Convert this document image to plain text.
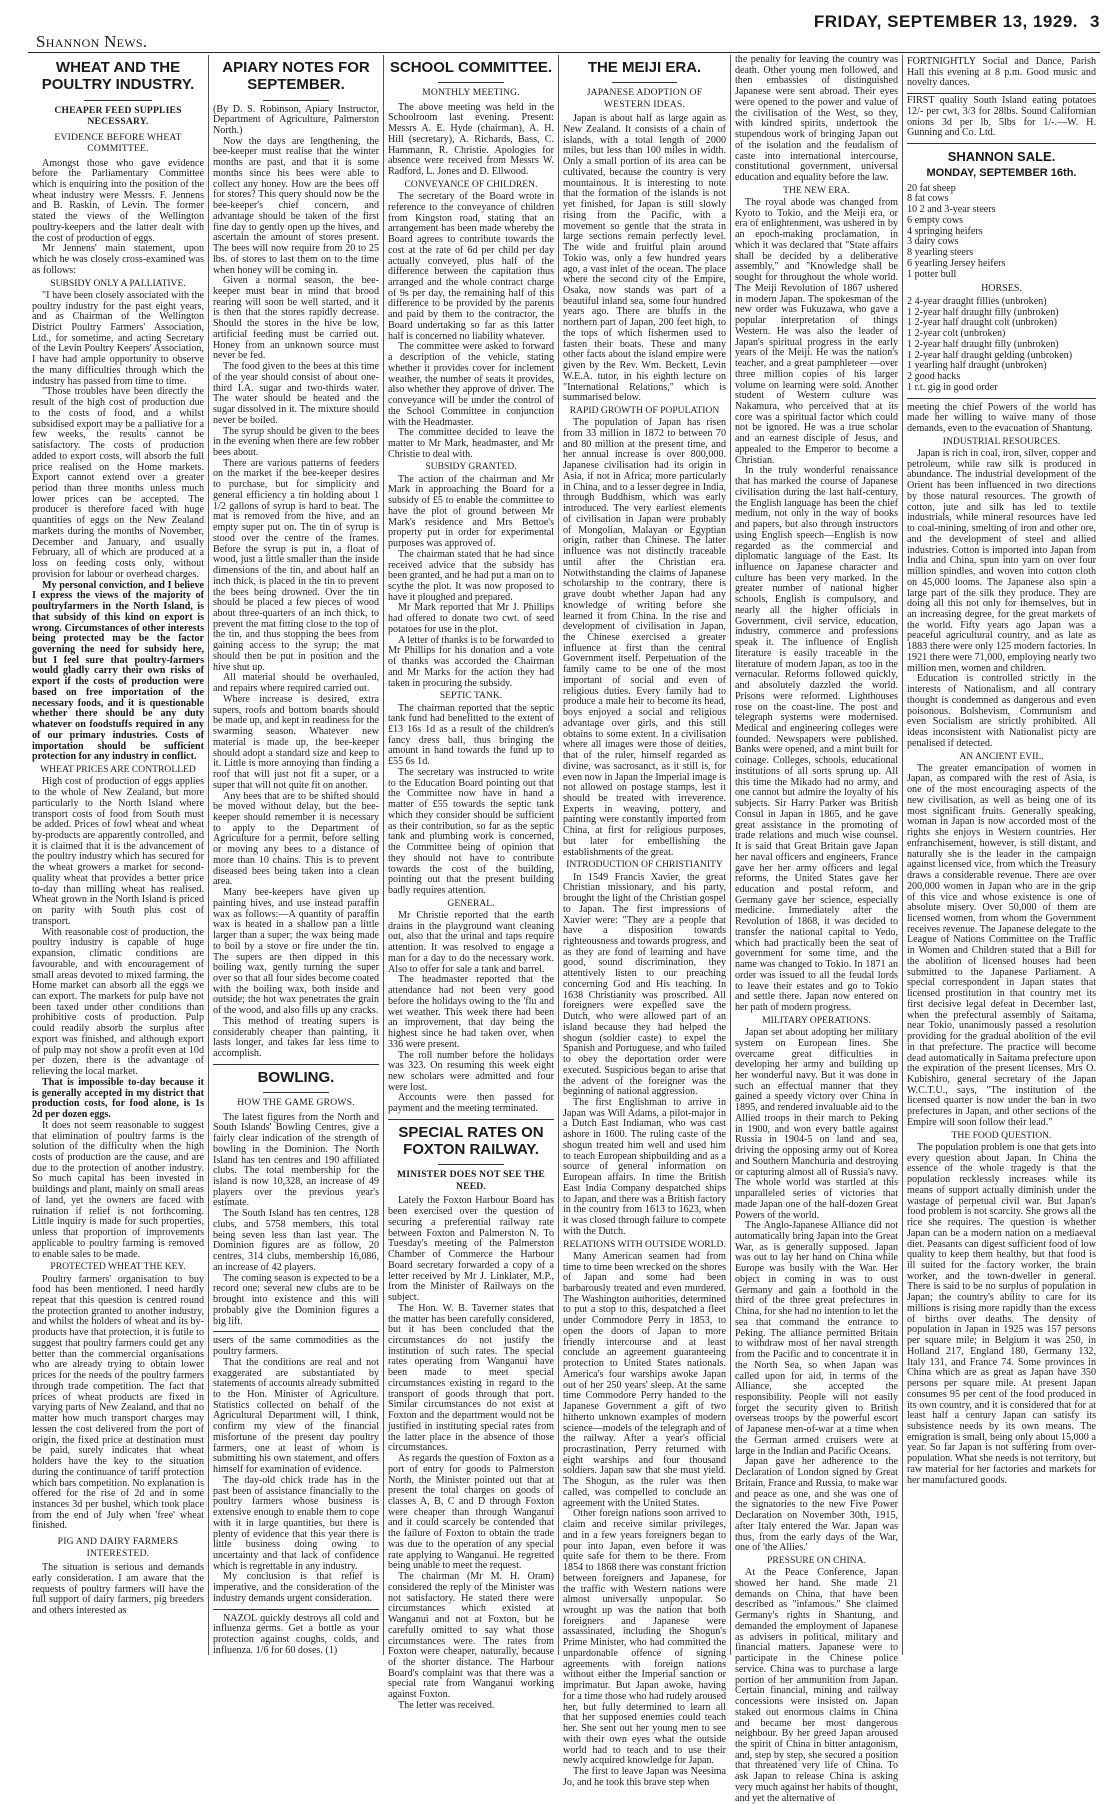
Shannon News.
FRIDAY, SEPTEMBER 13, 1929. 3
WHEAT AND THE POULTRY INDUSTRY.
CHEAPER FEED SUPPLIES NECESSARY.
EVIDENCE BEFORE WHEAT COMMITTEE.

Amongst those who gave evidence before the Parliamentary Committee which is enquiring into the position of the wheat industry were Messrs. F. Jennens and B. Raskin, of Levin. The former stated the views of the Wellington poultry-keepers and the latter dealt with the cost of production of eggs.

Mr Jennens' main statement, upon which he was closely cross-examined was as follows:

SUBSIDY ONLY A PALLIATIVE.

"I have been closely associated with the poultry industry for the past eight years, and as Chairman of the Wellington District Poultry Farmers' Association, Ltd., for sometime, and acting Secretary of the Levin Poultry Keepers' Association, I have had ample opportunity to observe the many difficulties through which the industry has passed from time to time.

"Those troubles have been directly the result of the high cost of production due to the costs of food, and a whilst subsidised export may be a palliative for a few weeks, the results cannot be satisfactory. The costs of production added to export costs, will absorb the full price realised on the Home markets. Export cannot extend over a greater period than three months unless much lower prices can be accepted. The producer is therefore faced with huge quantities of eggs on the New Zealand markets during the months of November, December and January, and usually February, all of which are produced at a loss on feeding costs only, without provision for labour or overhead charges.

My personal conviction, and I believe I express the views of the majority of poultryfarmers in the North Island, is that subsidy of this kind on export is wrong. Circumstances of other interests being protected may be the factor governing the need for subsidy here, but I feel sure that poultry-farmers would gladly carry their own risks of export if the costs of production were based on free importation of the necessary foods, and it is questionable whether there should be any duty whatever on foodstuffs required in any of our primary industries. Costs of importation should be sufficient protection for any industry in conflict.

WHEAT PRICES ARE CONTROLLED

High cost of production of eggs applies to the whole of New Zealand, but more particularly to the North Island where transport costs of food from South must be added. Prices of fowl wheat and wheat by-products are apparently controlled, and it is claimed that it is the advancement of the poultry industry which has secured for the wheat growers a market for second-quality wheat that provides a better price to-day than milling wheat has realised. Wheat grown in the North Island is priced on parity with South plus cost of transport.

With reasonable cost of production, the poultry industry is capable of huge expansion, climatic conditions are favourable, and with encouragement of small areas devoted to mixed farming, the Home market can absorb all the eggs we can export. The markets for pulp have not been taxed under other conditions than prohibitive costs of production. Pulp could readily absorb the surplus after export was finished, and although export of pulp may not show a profit even at 10d per dozen, there is the advantage of relieving the local market.

That is impossible to-day because it is generally accepted in my district that production costs, for food alone, is 1s 2d per dozen eggs.

It does not seem reasonable to suggest that elimination of poultry farms is the solution of the difficulty when the high costs of production are the cause, and are due to the protection of another industry. So much capital has been invested in buildings and plant, mainly on small areas of land, yet the owners are faced with ruination if relief is not forthcoming. Little inquiry is made for such properties, unless that proportion of improvements applicable to poultry farming is removed to enable sales to be made.

PROTECTED WHEAT THE KEY.

Poultry farmers' organisation to buy food has been mentioned. I need hardly repeat that this question is centred round the protection granted to another industry, and whilst the holders of wheat and its by-products have that protection, it is futile to suggest that poultry farmers could get any better than the commercial organisations who are already trying to obtain lower prices for the needs of the poultry farmers through trade competition. The fact that prices of wheat products are fixed in varying parts of New Zealand, and that no matter how much transport charges may lessen the cost delivered from the port of origin, the fixed price at destination must be paid, surely indicates that wheat holders have the key to the situation during the continuance of tariff protection which bars competition. No explanation is offered for the rise of 2d and in some instances 3d per bushel, which took place from the end of July when 'free' wheat finished.

PIG AND DAIRY FARMERS INTERESTED.

The situation is serious and demands early consideration. I am aware that the requests of poultry farmers will have the full support of dairy farmers, pig breeders and others interested as

APIARY NOTES FOR SEPTEMBER.

(By D. S. Robinson, Apiary Instructor, Department of Agriculture, Palmerston North.)

Now the days are lengthening, the bee-keeper must realise that the winter months are past, and that it is some months since his bees were able to collect any honey. How are the bees off for stores? This query should now be the bee-keeper's chief concern, and advantage should be taken of the first fine day to gently open up the hives, and ascertain the amount of stores present. The bees will now require from 20 to 25 lbs. of stores to last them on to the time when honey will be coming in.

Given a normal season, the bee-keeper must bear in mind that brood rearing will soon be well started, and it is then that the stores rapidly decrease. Should the stores in the hive be low, artificial feeding must be carried out. Honey from an unknown source must never be fed.

The food given to the bees at this time of the year should consist of about one-third I.A. sugar and two-thirds water. The water should be heated and the sugar dissolved in it. The mixture should never be boiled.

The syrup should be given to the bees in the evening when there are few robber bees about.

There are various patterns of feeders on the market if the bee-keeper desires to purchase, but for simplicity and general efficiency a tin holding about 1 1/2 gallons of syrup is hard to beat. The mat is removed from the hive, and an empty super put on. The tin of syrup is stood over the centre of the frames. Before the syrup is put in, a float of wood, just a little smaller than the inside dimensions of the tin, and about half an inch thick, is placed in the tin to prevent the bees being drowned. Over the tin should be placed a few pieces of wood about three-quarters of an inch thick, to prevent the mat fitting close to the top of the tin, and thus stopping the bees from gaining access to the syrup; the mat should then be put in position and the hive shut up.

All material should be overhauled, and repairs where required carried out.

Where increase is desired, extra supers, roofs and bottom boards should be made up, and kept in readiness for the swarming season. Whatever new material is made up, the bee-keeper should adopt a standard size and keep to it. Little is more annoying than finding a roof that will just not fit a super, or a super that will not quite fit on another.

Any bees that are to be shifted should be moved without delay, but the bee-keeper should remember it is necessary to apply to the Department of Agriculture for a permit, before selling or moving any bees to a distance of more than 10 chains. This is to prevent diseased bees being taken into a clean area.

Many bee-keepers have given up painting hives, and use instead paraffin wax as follows:—A quantity of paraffin wax is heated in a shallow pan a little larger than a super; the wax being made to boil by a stove or fire under the tin. The supers are then dipped in this boiling wax, gently turning the super over so that all four sides become coated with the boiling wax, both inside and outside; the hot wax penetrates the grain of the wood, and also fills up any cracks.

This method of treating supers is considerably cheaper than painting, it lasts longer, and takes far less time to accomplish.

BOWLING.
HOW THE GAME GROWS.

The latest figures from the North and South Islands' Bowling Centres, give a fairly clear indication of the strength of bowling in the Dominion. The North Island has ten centres and 190 affiliated clubs. The total membership for the island is now 10,328, an increase of 49 players over the previous year's estimate.

The South Island has ten centres, 128 clubs, and 5758 members, this total being seven less than last year. The Dominion figures are as follow, 20 centres, 314 clubs, membership 16,086, an increase of 42 players.

The coming season is expected to be a record one; several new clubs are to be brought into existence and this will probably give the Dominion figures a big lift.

users of the same commodities as the poultry farmers.

That the conditions are real and not exaggerated are substantiated by statements of accounts already submitted to the Hon. Minister of Agriculture. Statistics collected on behalf of the Agricultural Department will, I think, confirm my view of the financial misfortune of the present day poultry farmers, one at least of whom is submitting his own statement, and offers himself for examination of evidence.

The day-old chick trade has in the past been of assistance financially to the poultry farmers whose business is extensive enough to enable them to cope with it in large quantities, but there is plenty of evidence that this year there is little business doing owing to uncertainty and that lack of confidence which is regrettable in any industry.

My conclusion is that relief is imperative, and the consideration of the industry demands urgent consideration.

NAZOL quickly destroys all cold and influenza germs. Get a bottle as your protection against coughs, colds, and influenza. 1/6 for 60 doses. (1)

SCHOOL COMMITTEE.
MONTHLY MEETING.

The above meeting was held in the Schoolroom last evening. Present: Messrs A. E. Hyde (chairman), A. H. Hill (secretary), A. Richards, Bass, C. Hammann, R. Christie. Apologies for absence were received from Messrs W. Radford, L. Jones and D. Ellwood.

CONVEYANCE OF CHILDREN.

The secretary of the Board wrote in reference to the conveyance of children from Kingston road, stating that an arrangement has been made whereby the Board agrees to contribute towards the cost at the rate of 6d per child per day actually conveyed, plus half of the difference between the capitation thus arranged and the whole contract charge of 9s per day, the remaining half of this difference to be provided by the parents and paid by them to the contractor, the Board undertaking so far as this latter half is concerned no liability whatever.

The committee were asked to forward a description of the vehicle, stating whether it provides cover for inclement weather, the number of seats it provides, also whether they approve of driver. The conveyance will be under the control of the School Committee in conjunction with the Headmaster.

The committee decided to leave the matter to Mr Mark, headmaster, and Mr Christie to deal with.

SUBSIDY GRANTED.

The action of the chairman and Mr Mark in approaching the Board for a subsidy of £5 to enable the committee to have the plot of ground between Mr Mark's residence and Mrs Bettoe's property put in order for experimental purposes was approved of.

The chairman stated that he had since received advice that the subsidy has been granted, and he had put a man on to scythe the plot. It was now proposed to have it ploughed and prepared.

Mr Mark reported that Mr J. Phillips had offered to donate two cwt. of seed potatoes for use in the plot.

A letter of thanks is to be forwarded to Mr Phillips for his donation and a vote of thanks was accorded the Chairman and Mr Marks for the action they had taken in procuring the subsidy.

SEPTIC TANK.

The chairman reported that the septic tank fund had benefitted to the extent of £13 16s 1d as a result of the children's fancy dress ball, thus bringing the amount in hand towards the fund up to £55 6s 1d.

The secretary was instructed to write to the Education Board pointing out that the Committee now have in hand a matter of £55 towards the septic tank which they consider should be sufficient as their contribution, so far as the septic tank and plumbing work is concerned, the Committee being of opinion that they should not have to contribute towards the cost of the building, pointing out that the present building badly requires attention.

GENERAL.

Mr Christie reported that the earth drains in the playground want cleaning out, also that the urinal and taps require attention. It was resolved to engage a man for a day to do the necessary work. Also to offer for sale a tank and barrel.

The headmaster reported that the attendance had not been very good before the holidays owing to the 'flu and wet weather. This week there had been an improvement, that day being the highest since he had taken over, when 336 were present.

The roll number before the holidays was 323. On resuming this week eight new scholars were admitted and four were lost.

Accounts were then passed for payment and the meeting terminated.

SPECIAL RATES ON FOXTON RAILWAY.
MINISTER DOES NOT SEE THE NEED.

Lately the Foxton Harbour Board has been exercised over the question of securing a preferential railway rate between Foxton and Palmerston N. To Tuesday's meeting of the Palmerston Chamber of Commerce the Harbour Board secretary forwarded a copy of a letter received by Mr J. Linklater, M.P., from the Minister of Railways on the subject.

The Hon. W. B. Taverner states that the matter has been carefully considered, but it has been concluded that the circumstances do not justify the institution of such rates. The special rates operating from Wanganui have been made to meet special circumstances existing in regard to the transport of goods through that port. Similar circumstances do not exist at Foxton and the department would not be justified in instituting special rates from the latter place in the absence of those circumstances.

As regards the question of Foxton as a port of entry for goods to Palmerston North, the Minister pointed out that at present the total charges on goods of classes A, B, C and D through Foxton were cheaper than through Wanganui and it could scarcely be contended that the failure of Foxton to obtain the trade was due to the operation of any special rate applying to Wanganui. He regretted being unable to meet the request.

The chairman (Mr M. H. Oram) considered the reply of the Minister was not satisfactory. He stated there were circumstances which existed at Wanganui and not at Foxton, but he carefully omitted to say what those circumstances were. The rates from Foxton were cheaper, naturally, because of the shorter distance. The Harbour Board's complaint was that there was a special rate from Wanganui working against Foxton.

The letter was received.

THE MEIJI ERA.
JAPANESE ADOPTION OF WESTERN IDEAS.

Japan is about half as large again as New Zealand. It consists of a chain of islands, with a total length of 2000 miles, but less than 100 miles in width. Only a small portion of its area can be cultivated, because the country is very mountainous. It is interesting to note that the formation of the islands is not yet finished, for Japan is still slowly rising from the Pacific, with a movement so gentle that the strata in large sections remain perfectly level. The wide and fruitful plain around Tokio was, only a few hundred years ago, a vast inlet of the ocean. The place where the second city of the Empire, Osaka, now stands was part of a beautiful inland sea, some four hundred years ago. There are bluffs in the northern part of Japan, 200 feet high, to the tops of which fishermen used to fasten their boats. These and many other facts about the island empire were given by the Rev. Wm. Beckett, Levin W.E.A. tutor, in his eighth lecture on "International Relations," which is summarised below.

RAPID GROWTH OF POPULATION

The population of Japan has risen from 33 million in 1872 to between 70 and 80 million at the present time, and her annual increase is over 800,000. Japanese civilisation had its origin in Asia, if not in Africa; more particularly in China, and to a lesser degree in India, through Buddhism, which was early introduced. The very earliest elements of civilisation in Japan were probably of Mongolian, Malayan or Egyptian origin, rather than Chinese. The latter influence was not distinctly traceable until after the Christian era. Notwithstanding the claims of Japanese scholarship to the contrary, there is grave doubt whether Japan had any knowledge of writing before she learned it from China. In the rise and development of civilisation in Japan, the Chinese exercised a greater influence at first than the central Government itself. Perpetuation of the family came to be one of the most important of social and even of religious duties. Every family had to produce a male heir to become its head, boys enjoyed a social and religious advantage over girls, and this still obtains to some extent. In a civilisation where all images were those of deities, that of the ruler, himself regarded as divine, was sacrosanct, as it still is, for even now in Japan the Imperial image is not allowed on postage stamps, lest it should be treated with irreverence. Experts in weaving, pottery, and painting were constantly imported from China, at first for religious purposes, but later for embellishing the establishments of the great.

INTRODUCTION OF CHRISTIANITY

In 1549 Francis Xavier, the great Christian missionary, and his party, brought the light of the Christian gospel to Japan. The first impressions of Xavier were: "They are a people that have a disposition towards righteousness and towards progress, and as they are fond of learning and have good, sound discrimination, they attentively listen to our preaching concerning God and His teaching. In 1638 Christianity was proscribed. All foreigners were expelled save the Dutch, who were allowed part of an island because they had helped the shogun (soldier caste) to expel the Spanish and Portuguese, and who failed to obey the deportation order were executed. Suspicious began to arise that the advent of the foreigner was the beginning of national aggression.

The first Englishman to arrive in Japan was Will Adams, a pilot-major in a Dutch East Indiaman, who was cast ashore in 1600. The ruling caste of the shogun treated him well and used him to teach European shipbuilding and as a source of general information on European affairs. In time the British East India Company despatched ships to Japan, and there was a British factory in the country from 1613 to 1623, when it was closed through failure to compete with the Dutch.

RELATIONS WITH OUTSIDE WORLD.

Many American seamen had from time to time been wrecked on the shores of Japan and some had been barbarously treated and even murdered. The Washington authorities, determined to put a stop to this, despatched a fleet under Commodore Perry in 1853, to open the doors of Japan to more friendly intercourse and at least conclude an agreement guaranteeing protection to United States nationals. America's four warships awoke Japan out of her 250 years' sleep. At the same time Commodore Perry handed to the Japanese Government a gift of two hitherto unknown examples of modern science—models of the telegraph and of the railway. After a year's official procrastination, Perry returned with eight warships and four thousand soldiers. Japan saw that she must yield. The Shogun, as the ruler was then called, was compelled to conclude an agreement with the United States.

Other foreign nations soon arrived to claim and receive similar privileges, and in a few years foreigners began to pour into Japan, even before it was quite safe for them to be there. From 1854 to 1868 there was constant friction between foreigners and Japanese, for the traffic with Western nations were almost universally unpopular. So wrought up was the nation that both foreigners and Japanese were assassinated, including the Shogun's Prime Minister, who had committed the unpardonable offence of signing agreements with foreign nations without either the Imperial sanction or imprimatur. But Japan awoke, having for a time those who had rudely aroused her, but fully determined to learn all that her supposed enemies could teach her. She sent out her young men to see with their own eyes what the outside world had to teach and to use their newly acquired knowledge for Japan.

The first to leave Japan was Neesima Jo, and he took this brave step when

the penalty for leaving the country was death. Other young men followed, and then embassies of distinguished Japanese were sent abroad. Their eyes were opened to the power and value of the civilisation of the West, so they, with kindred spirits, undertook the stupendous work of bringing Japan out of the isolation and the feudalism of caste into international intercourse, constitutional government, universal education and equality before the law.

THE NEW ERA.

The royal abode was changed from Kyoto to Tokio, and the Meiji era, or era of enlightenment, was ushered in by an epoch-making proclamation, in which it was declared that "State affairs shall be decided by a deliberative assembly," and "Knowledge shall be sought for throughout the whole world. The Meiji Revolution of 1867 ushered in modern Japan. The spokesman of the new order was Fukuzawa, who gave a popular interpretation of things Western. He was also the leader of Japan's spiritual progress in the early years of the Meiji. He was the nation's teacher, and a great pamphleteer —over three million copies of his larger volume on learning were sold. Another student of Western culture was Nakamura, who perceived that at its core was a spiritual factor which could not be ignored. He was a true scholar and an earnest disciple of Jesus, and appealed to the Emperor to become a Christian.

In the truly wonderful renaissance that has marked the course of Japanese civilisation during the last half-century, the English language has been the chief medium, not only in the way of books and papers, but also through instructors using English speech—English is now regarded as the commercial and diplomatic language of the East. Its influence on Japanese character and culture has been very marked. In the greater number of national higher schools, English is compulsory, and nearly all the higher officials in Government, civil service, education, industry, commerce and professions speak it. The influence of English literature is easily traceable in the literature of modern Japan, as too in the vernacular. Reforms followed quickly, and absolutely dazzled the world. Prisons were reformed. Lighthouses rose on the coast-line. The post and telegraph systems were modernised. Medical and engineering colleges were founded. Newspapers were published. Banks were opened, and a mint built for coinage. Colleges, schools, educational institutions of all sorts sprung up. All this time the Mikado had no army, and one cannot but admire the loyalty of his subjects. Sir Harry Parker was British Consul in Japan in 1865, and he gave great assistance in the promoting of trade relations and much wise counsel. It is said that Great Britain gave Japan her naval officers and engineers, France gave her her army officers and legal reforms, the United States gave her education and postal reform, and Germany gave her science, especially medicine. Immediately after the Revolution of 1868, it was decided to transfer the national capital to Yedo, which had practically been the seat of government for some time, and the name was changed to Tokio. In 1871 an order was issued to all the feudal lords to leave their estates and go to Tokio and settle there. Japan now entered on her path of modern progress.

MILITARY OPERATIONS.

Japan set about adopting her military system on European lines. She overcame great difficulties in developing her army and building up her wonderful navy. But it was done in such an effectual manner that they gained a speedy victory over China in 1895, and rendered invaluable aid to the Allied troops in their march to Peking in 1900, and won every battle against Russia in 1904-5 on land and sea, driving the opposing army out of Korea and Southern Manchuria and destroying or capturing almost all of Russia's navy. The whole world was startled at this unparalleled series of victories that made Japan one of the half-dozen Great Powers of the world.

The Anglo-Japanese Alliance did not automatically bring Japan into the Great War, as is generally supposed. Japan was out to lay her hand on China while Europe was busily with the War. Her object in coming in was to oust Germany and gain a foothold in the third of the three great prefectures in China, for she had no intention to let the sea that command the entrance to Peking. The alliance permitted Britain to withdraw most of her naval strength from the Pacific and to concentrate it in the North Sea, so when Japan was called upon for aid, in terms of the Alliance, she accepted the responsibility. People will not easily forget the security given to British overseas troops by the powerful escort of Japanese men-of-war at a time when the German armed cruisers were at large in the Indian and Pacific Oceans.

Japan gave her adherence to the Declaration of London signed by Great Britain, France and Russia, to make war and peace as one, and she was one of the signatories to the new Five Power Declaration on November 30th, 1915, after Italy entered the War. Japan was thus, from the early days of the War, one of 'the Allies.'

PRESSURE ON CHINA.

At the Peace Conference, Japan showed her hand. She made 21 demands on China, that have been described as "infamous." She claimed Germany's rights in Shantung, and demanded the employment of Japanese as advisers in political, military and financial matters. Japanese were to participate in the Chinese police service. China was to purchase a large portion of her ammunition from Japan. Certain financial, mining and railway concessions were insisted on. Japan staked out enormous claims in China and became her most dangerous neighbour. By her greed Japan aroused the spirit of China in bitter antagonism, and, step by step, she secured a position that threatened very life of China. To ask Japan to release China is asking very much against her habits of thought, and yet the alternative of

FORTNIGHTLY Social and Dance, Parish Hall this evening at 8 p.m. Good music and novelty dances.

FIRST quality South Island eating potatoes 12/- per cwt, 3/3 for 28lbs. Sound Californian onions 3d per lb, 5lbs for 1/-.—W. H. Gunning and Co. Ltd.

SHANNON SALE.
MONDAY, SEPTEMBER 16th.
20 fat sheep
8 fat cows
10 2 and 3-year steers
6 empty cows
4 springing heifers
3 dairy cows
8 yearling steers
6 yearling Jersey heifers
1 potter bull
HORSES.
2 4-year draught fillies (unbroken)
1 2-year half draught filly (unbroken)
1 2-year half draught colt (unbroken)
1 2-year colt (unbroken)
1 2-year half draught filly (unbroken)
1 2-year half draught gelding (unbroken)
1 yearling half draught (unbroken)
2 good hacks
1 r.t. gig in good order

meeting the chief Powers of the world has made her willing to waive many of those demands, even to the evacuation of Shantung.

INDUSTRIAL RESOURCES.

Japan is rich in coal, iron, silver, copper and petroleum, while raw silk is produced in abundance. The industrial development of the Orient has been influenced in two directions by those natural resources. The growth of cotton, jute and silk has led to textile industrials, while mineral resources have led to coal-mining, smelting of iron and other ore, and the development of steel and allied industries. Cotton is imported into Japan from India and China, spun into yarn on over four million spindles, and woven into cotton cloth on 45,000 looms. The Japanese also spin a large part of the silk they produce. They are doing all this not only for themselves, but in an increasing degree, for the great markets of the world. Fifty years ago Japan was a peaceful agricultural country, and as late as 1883 there were only 125 modern factories. In 1921 there were 71,000, employing nearly two million men, women and children.

Education is controlled strictly in the interests of Nationalism, and all contrary thought is condemned as dangerous and even poisonous. Bolshevism, Communism and even Socialism are strictly prohibited. All ideas inconsistent with Nationalist picty are penalised if detected.

AN ANCIENT EVIL.

The greater emancipation of women in Japan, as compared with the rest of Asia, is one of the most encouraging aspects of the new civilisation, as well as being one of its most significant fruits. Generally speaking, woman in Japan is now accorded most of the rights she enjoys in Western countries. Her enfranchisement, however, is still distant, and naturally she is the leader in the campaign against licensed vice, from which the Treasury draws a considerable revenue. There are over 200,000 women in Japan who are in the grip of this vice and whose existence is one of absolute misery. Over 50,000 of them are licensed women, from whom the Government receives revenue. The Japanese delegate to the League of Nations Committee on the Traffic in Women and Children stated that a Bill for the abolition of licensed houses had been submitted to the Japanese Parliament. A special correspondent in Japan states that licensed prostitution in that country met its first decisive legal defeat in December last, when the prefectural assembly of Saitama, near Tokio, unanimously passed a resolution providing for the gradual abolition of the evil in that prefecture. The practice will become dead automatically in Saitama prefecture upon the expiration of the present licenses. Mrs O. Kubishiro, general secretary of the Japan W.C.T.U., says, "The institution of the licensed quarter is now under the ban in two prefectures in Japan, and other sections of the Empire will soon follow their lead."

THE FOOD QUESTION.

The population problem is one that gets into every question about Japan. In China the essence of the whole tragedy is that the population recklessly increases while its means of support actually diminish under the wastage of perpetual civil war. But Japan's food problem is not scarcity. She grows all the rice she requires. The question is whether Japan can be a modern nation on a mediaeval diet. Peasants can digest sufficient food of low quality to keep them healthy, but that food is ill suited for the factory worker, the brain worker, and the town-dweller in general. There is said to be no surplus of population in Japan; the country's ability to care for its millions is rising more rapidly than the excess of births over deaths. The density of population in Japan in 1925 was 157 persons per square mile; in Belgium it was 250, in Holland 217, England 180, Germany 132, Italy 131, and France 74. Some provinces in China which are as great as Japan have 350 persons per square mile. At present Japan consumes 95 per cent of the food produced in its own country, and it is considered that for at least half a century Japan can satisfy its subsistence needs by its own means. The emigration is small, being only about 15,000 a year. So far Japan is not suffering from over-population. What she needs is not territory, but raw material for her factories and markets for her manufactured goods.
